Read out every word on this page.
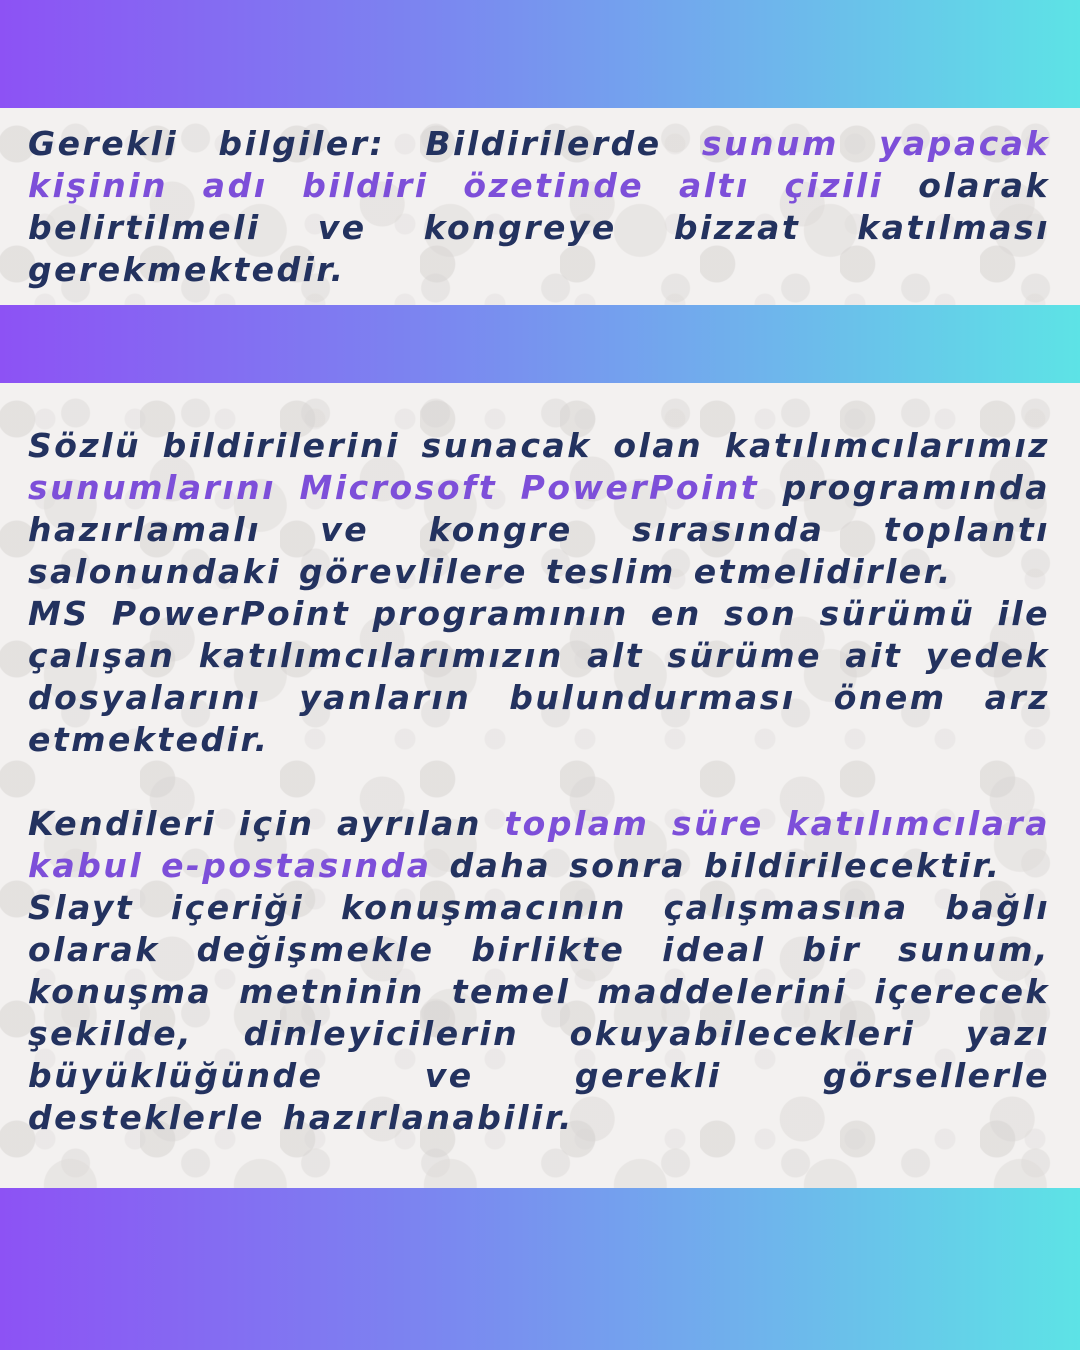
Gerekli bilgiler: Bildirilerde sunum yapacak kişinin adı bildiri özetinde altı çizili olarak belirtilmeli ve kongreye bizzat katılması gerekmektedir.

Sözlü bildirilerini sunacak olan katılımcılarımız sunumlarını Microsoft PowerPoint programında hazırlamalı ve kongre sırasında toplantı salonundaki görevlilere teslim etmelidirler.

MS PowerPoint programının en son sürümü ile çalışan katılımcılarımızın alt sürüme ait yedek dosyalarını yanların bulundurması önem arz etmektedir.

Kendileri için ayrılan toplam süre katılımcılara kabul e-postasında daha sonra bildirilecektir.

Slayt içeriği konuşmacının çalışmasına bağlı olarak değişmekle birlikte ideal bir sunum, konuşma metninin temel maddelerini içerecek şekilde, dinleyicilerin okuyabilecekleri yazı büyüklüğünde ve gerekli görsellerle desteklerle hazırlanabilir.
